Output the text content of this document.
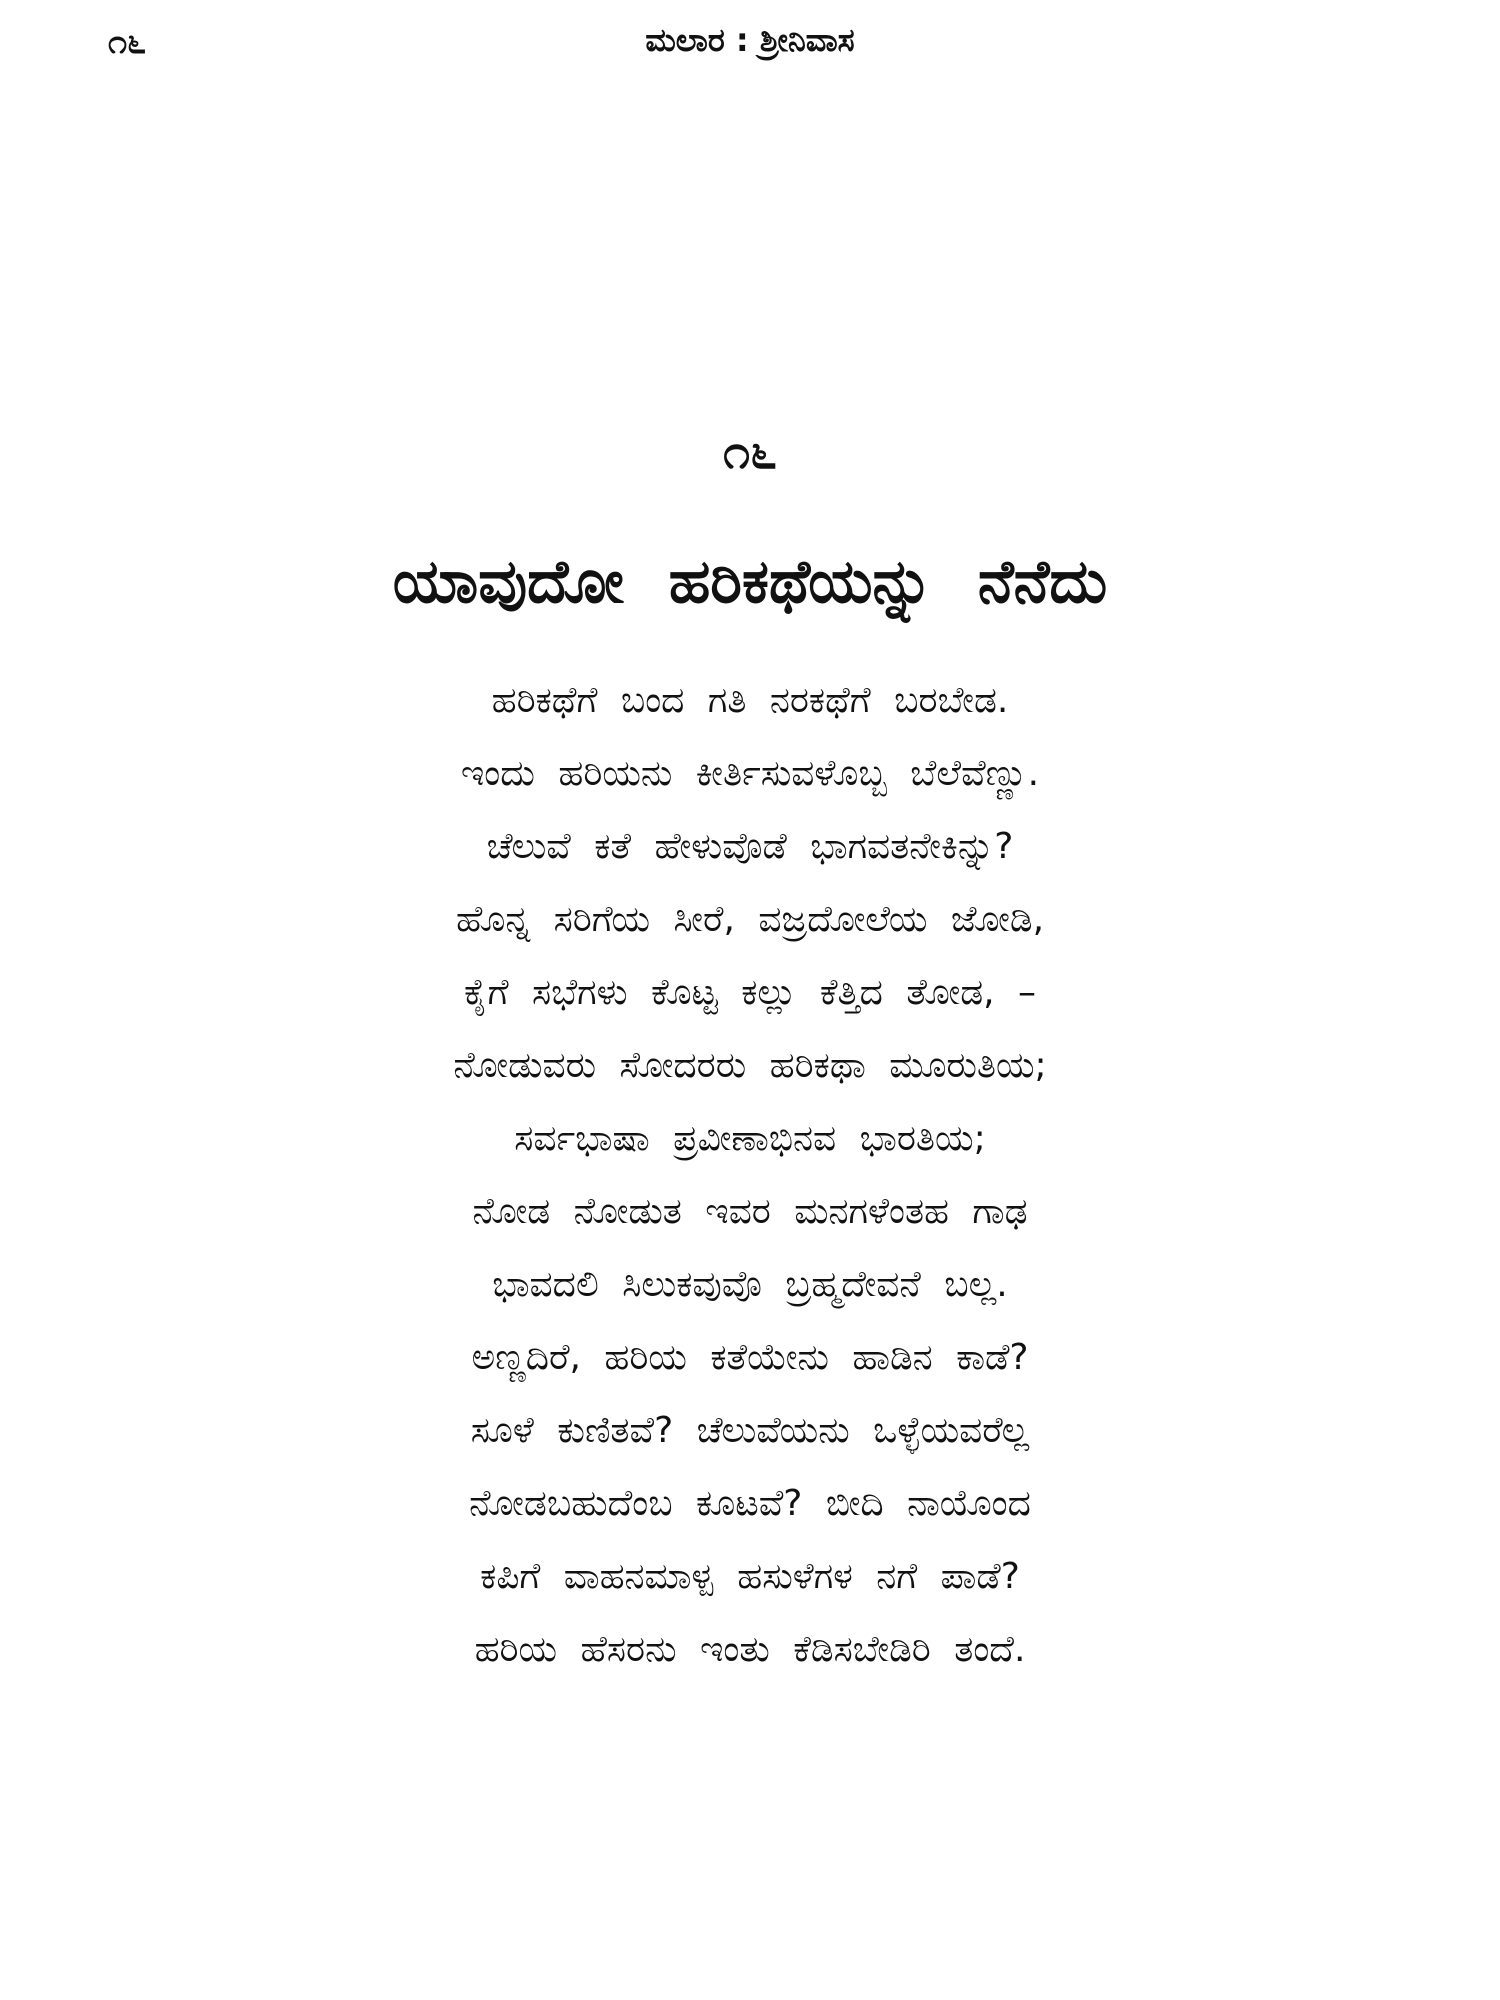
೧೬	ಮಲಾರ : ಶ್ರೀನಿವಾಸ
೧೬
ಯಾವುದೋ ಹರಿಕಥೆಯನ್ನು ನೆನೆದು
ಹರಿಕಥೆಗೆ ಬಂದ ಗತಿ ನರಕಥೆಗೆ ಬರಬೇಡ.
ಇಂದು ಹರಿಯನು ಕೀರ್ತಿಸುವಳೊಬ್ಬ ಬೆಲೆವೆಣ್ಣು.
ಚೆಲುವೆ ಕತೆ ಹೇಳುವೊಡೆ ಭಾಗವತನೇಕಿನ್ನು?
ಹೊನ್ನ ಸರಿಗೆಯ ಸೀರೆ, ವಜ್ರದೋಲೆಯ ಜೋಡಿ,
ಕೈಗೆ ಸಭೆಗಳು ಕೊಟ್ಟ ಕಲ್ಲು ಕೆತ್ತಿದ ತೋಡ, –
ನೋಡುವರು ಸೋದರರು ಹರಿಕಥಾ ಮೂರುತಿಯ;
ಸರ್ವಭಾಷಾ ಪ್ರವೀಣಾಭಿನವ ಭಾರತಿಯ;
ನೋಡ ನೋಡುತ ಇವರ ಮನಗಳೆಂತಹ ಗಾಢ
ಭಾವದಲಿ ಸಿಲುಕವುವೊ ಬ್ರಹ್ಮದೇವನೆ ಬಲ್ಲ.
ಅಣ್ಣದಿರೆ, ಹರಿಯ ಕತೆಯೇನು ಹಾಡಿನ ಕಾಡೆ?
ಸೂಳೆ ಕುಣಿತವೆ? ಚೆಲುವೆಯನು ಒಳ್ಳೆಯವರೆಲ್ಲ
ನೋಡಬಹುದೆಂಬ ಕೂಟವೆ? ಬೀದಿ ನಾಯೊಂದ
ಕಪಿಗೆ ವಾಹನಮಾಳ್ಪ ಹಸುಳೆಗಳ ನಗೆ ಪಾಡೆ?
ಹರಿಯ ಹೆಸರನು ಇಂತು ಕೆಡಿಸಬೇಡಿರಿ ತಂದೆ.
